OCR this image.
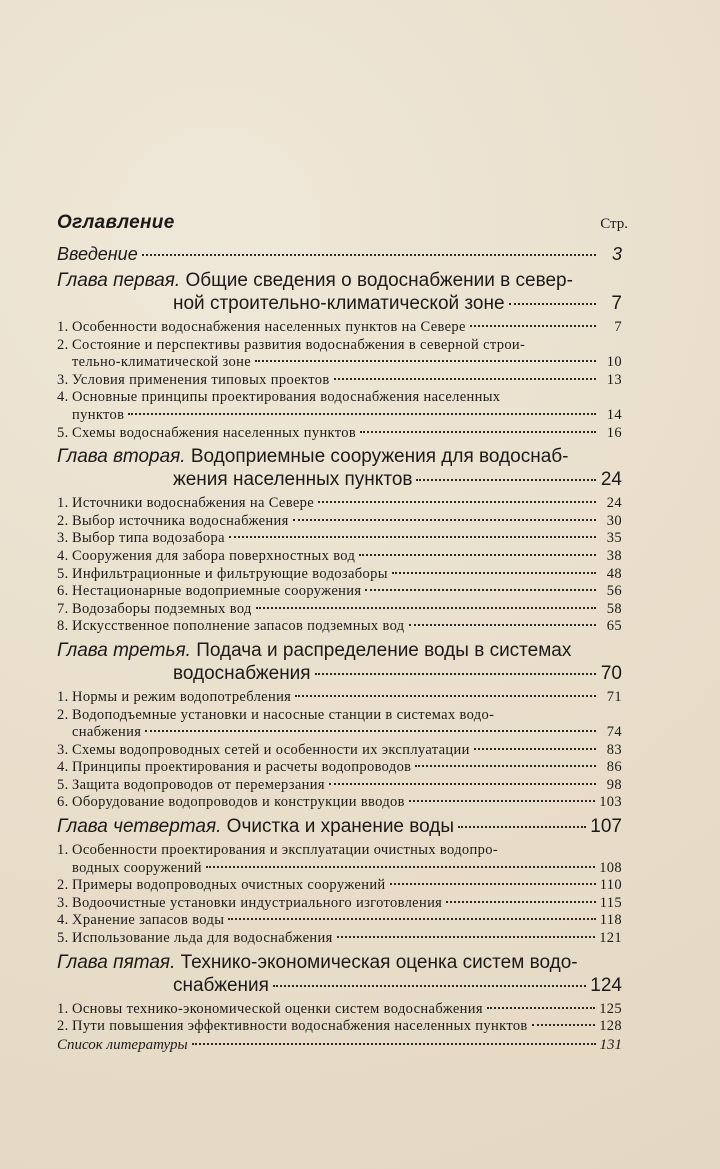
Оглавление	Стр.
Введение	3
Глава первая. Общие сведения о водоснабжении в север-
ной строительно-климатической зоне	7
1. Особенности водоснабжения населенных пунктов на Севере	7
2. Состояние и перспективы развития водоснабжения в северной строи-
тельно-климатической зоне	10
3. Условия применения типовых проектов	13
4. Основные принципы проектирования водоснабжения населенных
пунктов	14
5. Схемы водоснабжения населенных пунктов	16
Глава вторая. Водоприемные сооружения для водоснаб-
жения населенных пунктов	24
1. Источники водоснабжения на Севере	24
2. Выбор источника водоснабжения	30
3. Выбор типа водозабора	35
4. Сооружения для забора поверхностных вод	38
5. Инфильтрационные и фильтрующие водозаборы	48
6. Нестационарные водоприемные сооружения	56
7. Водозаборы подземных вод	58
8. Искусственное пополнение запасов подземных вод	65
Глава третья. Подача и распределение воды в системах
водоснабжения	70
1. Нормы и режим водопотребления	71
2. Водоподъемные установки и насосные станции в системах водо-
снабжения	74
3. Схемы водопроводных сетей и особенности их эксплуатации	83
4. Принципы проектирования и расчеты водопроводов	86
5. Защита водопроводов от перемерзания	98
6. Оборудование водопроводов и конструкции вводов	103
Глава четвертая. Очистка и хранение воды	107
1. Особенности проектирования и эксплуатации очистных водопро-
водных сооружений	108
2. Примеры водопроводных очистных сооружений	110
3. Водоочистные установки индустриального изготовления	115
4. Хранение запасов воды	118
5. Использование льда для водоснабжения	121
Глава пятая. Технико-экономическая оценка систем водо-
снабжения	124
1. Основы технико-экономической оценки систем водоснабжения	125
2. Пути повышения эффективности водоснабжения населенных пунктов	128
Список литературы	131
